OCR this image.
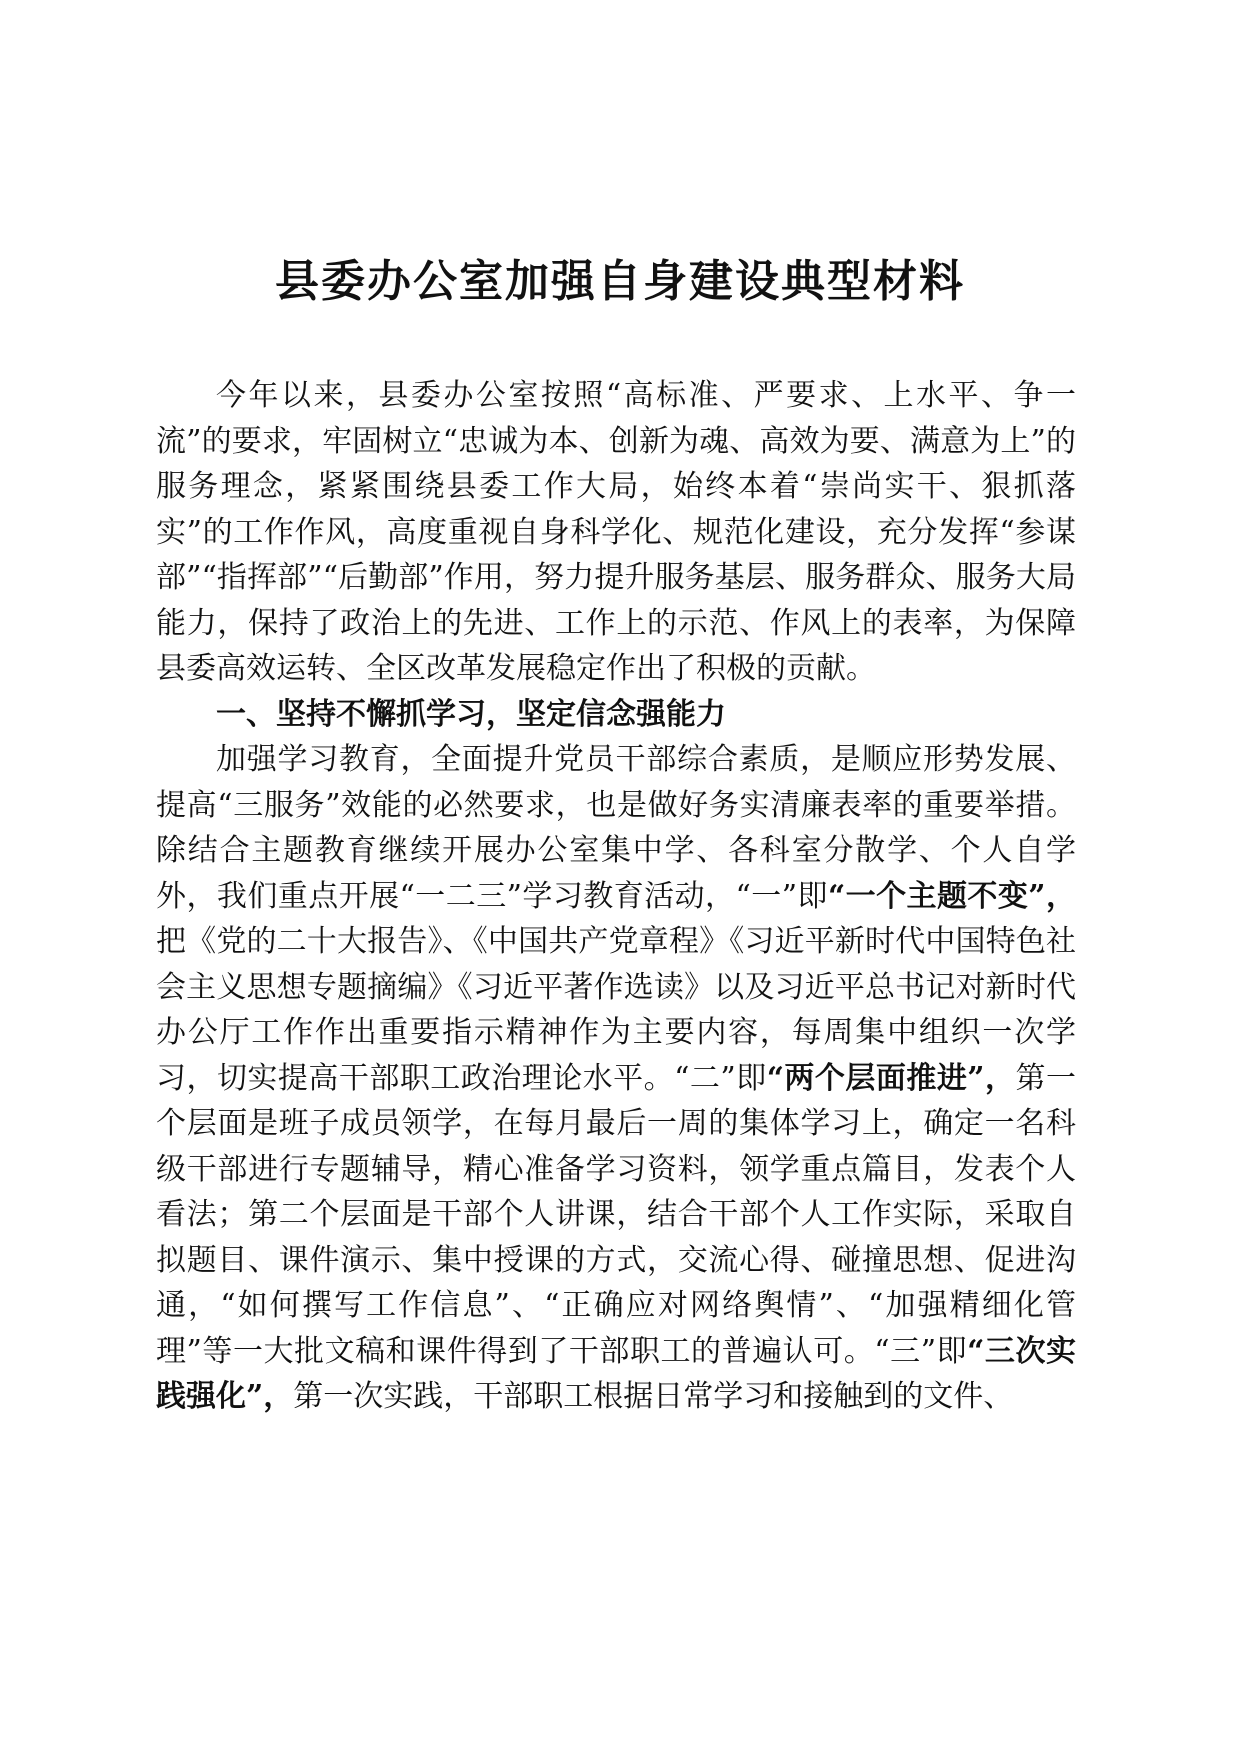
县委办公室加强自身建设典型材料

今年以来，县委办公室按照“高标准、严要求、上水平、争一流”的要求，牢固树立“忠诚为本、创新为魂、高效为要、满意为上”的服务理念，紧紧围绕县委工作大局，始终本着“崇尚实干、狠抓落实”的工作作风，高度重视自身科学化、规范化建设，充分发挥“参谋部”“指挥部”“后勤部”作用，努力提升服务基层、服务群众、服务大局能力，保持了政治上的先进、工作上的示范、作风上的表率，为保障县委高效运转、全区改革发展稳定作出了积极的贡献。

一、坚持不懈抓学习，坚定信念强能力

加强学习教育，全面提升党员干部综合素质，是顺应形势发展、提高“三服务”效能的必然要求，也是做好务实清廉表率的重要举措。除结合主题教育继续开展办公室集中学、各科室分散学、个人自学外，我们重点开展“一二三”学习教育活动，“一”即“一个主题不变”，把《党的二十大报告》、《中国共产党章程》《习近平新时代中国特色社会主义思想专题摘编》《习近平著作选读》以及习近平总书记对新时代办公厅工作作出重要指示精神作为主要内容，每周集中组织一次学习，切实提高干部职工政治理论水平。“二”即“两个层面推进”，第一个层面是班子成员领学，在每月最后一周的集体学习上，确定一名科级干部进行专题辅导，精心准备学习资料，领学重点篇目，发表个人看法；第二个层面是干部个人讲课，结合干部个人工作实际，采取自拟题目、课件演示、集中授课的方式，交流心得、碰撞思想、促进沟通，“如何撰写工作信息”、“正确应对网络舆情”、“加强精细化管理”等一大批文稿和课件得到了干部职工的普遍认可。“三”即“三次实践强化”，第一次实践，干部职工根据日常学习和接触到的文件、
